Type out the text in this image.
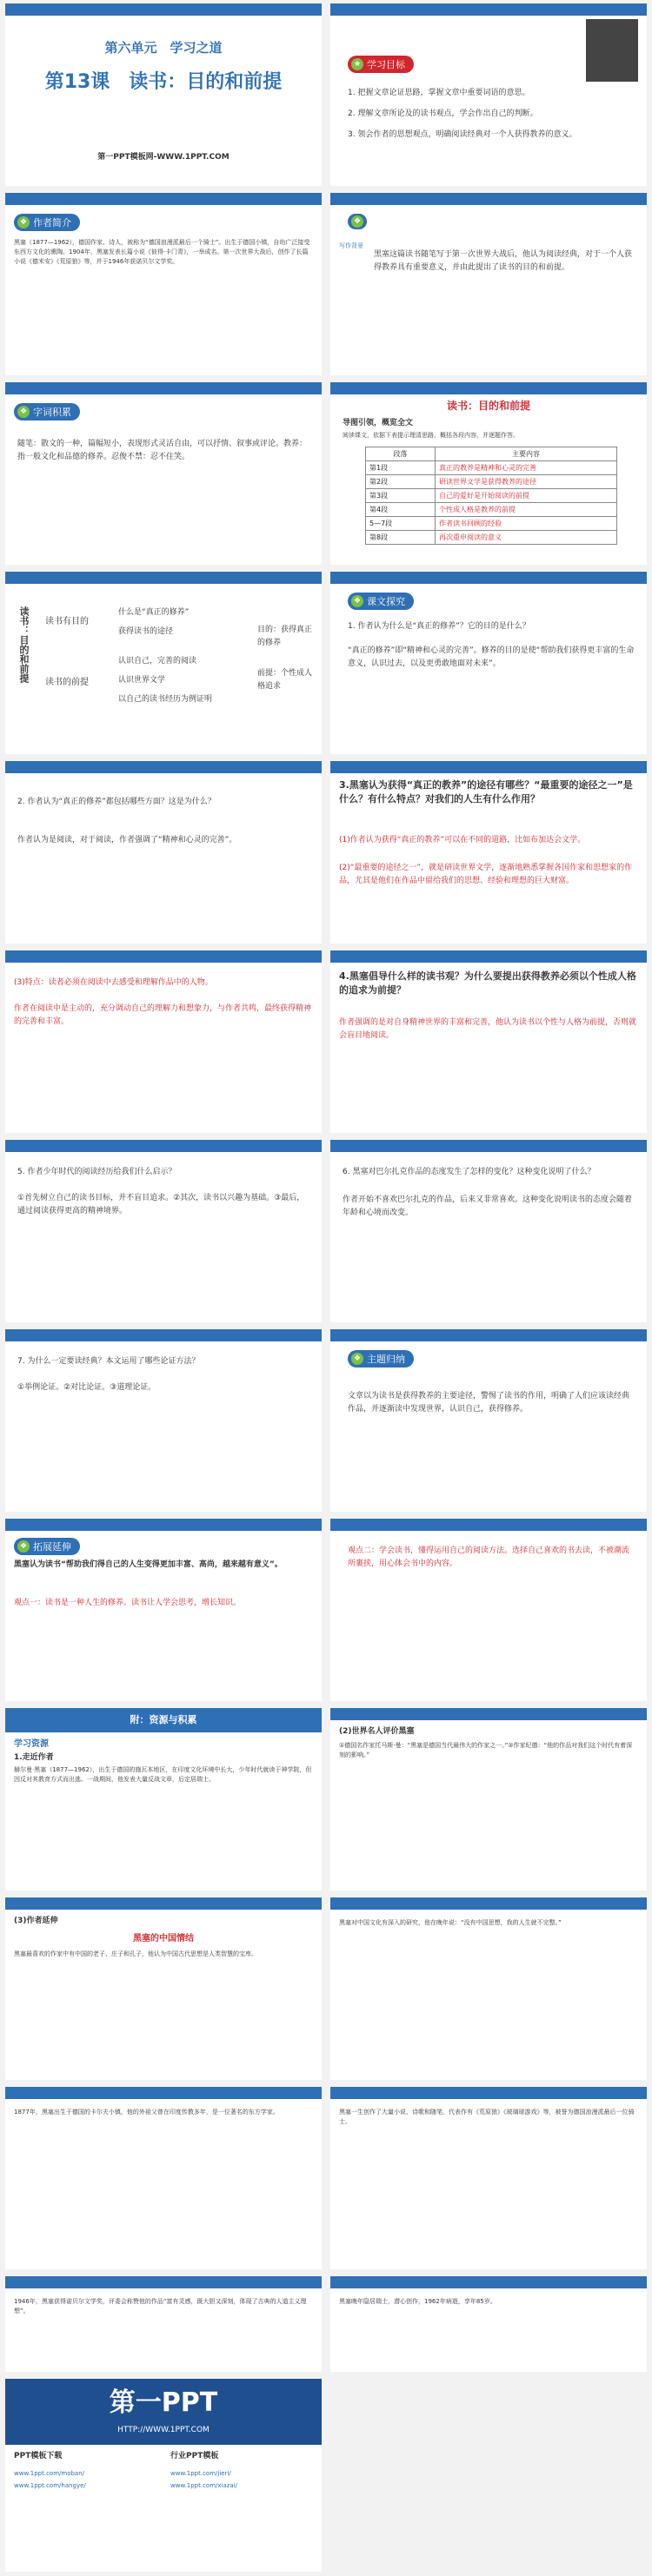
第六单元　学习之道
第13课　读书：目的和前提
第一PPT模板网-WWW.1PPT.COM
★ 学习目标
1. 把握文章论证思路，掌握文章中重要词语的意思。
2. 理解文章所论及的读书观点，学会作出自己的判断。
3. 领会作者的思想观点，明确阅读经典对一个人获得教养的意义。
❖ 作者简介
黑塞（1877—1962），德国作家、诗人，被称为“德国浪漫派最后一个骑士”。出生于德国小镇，自幼广泛接受东西方文化的熏陶。1904年，黑塞发表长篇小说《彼得·卡门青》，一举成名。第一次世界大战后，创作了长篇小说《德米安》《荒原狼》等，并于1946年获诺贝尔文学奖。
❖
写作背景
黑塞这篇读书随笔写于第一次世界大战后，他认为阅读经典，对于一个人获得教养具有重要意义，并由此提出了读书的目的和前提。
❖ 字词积累
随笔：散文的一种，篇幅短小，表现形式灵活自由，可以抒情、叙事或评论。教养：指一般文化和品德的修养。忍俊不禁：忍不住笑。
读书：目的和前提
导图引领，概览全文
阅读课文，依据下表提示理清思路，概括各段内容，并逐题作答。
段落	主要内容
第1段	真正的教养是精神和心灵的完善
第2段	研读世界文学是获得教养的途径
第3段	自己的爱好是开始阅读的前提
第4段	个性成人格是教养的前提
5—7段	作者读书回顾的经验
第8段	再次重申阅读的意义
读书：目的和前提 读书有目的
读书的前提
什么是“真正的修养”
获得读书的途径
认识自己，完善的阅读
认识世界文学
以自己的读书经历为例证明
目的：获得真正的修养
前提：个性成人格追求
❖ 课文探究
1. 作者认为什么是“真正的修养”？它的目的是什么？
“真正的修养”即“精神和心灵的完善”。修养的目的是使“帮助我们获得更丰富的生命意义，认识过去，以及更勇敢地面对未来”。
2. 作者认为“真正的修养”都包括哪些方面？这是为什么？
作者认为是阅读，对于阅读，作者强调了“精神和心灵的完善”。
3.黑塞认为获得“真正的教养”的途径有哪些？“最重要的途径之一”是什么？有什么特点？对我们的人生有什么作用？
(1)作者认为获得“真正的教养”可以在不同的道路，比如布加达会文学。
(2)“最重要的途径之一”，就是研读世界文学，逐渐地熟悉掌握各国作家和思想家的作品，尤其是他们在作品中留给我们的思想、经验和理想的巨大财富。
(3)特点：读者必须在阅读中去感受和理解作品中的人物。
作者在阅读中是主动的，充分调动自己的理解力和想象力，与作者共鸣，最终获得精神的完善和丰富。
4.黑塞倡导什么样的读书观？为什么要提出获得教养必须以个性成人格的追求为前提？
作者强调的是对自身精神世界的丰富和完善，他认为读书以个性与人格为前提，否则就会盲目地阅读。
5. 作者少年时代的阅读经历给我们什么启示？
①首先树立自己的读书目标，并不盲目追求。②其次，读书以兴趣为基础。③最后，通过阅读获得更高的精神境界。
6. 黑塞对巴尔扎克作品的态度发生了怎样的变化？这种变化说明了什么？
作者开始不喜欢巴尔扎克的作品，后来又非常喜欢。这种变化说明读书的态度会随着年龄和心境而改变。
7. 为什么一定要读经典？本文运用了哪些论证方法？
①举例论证。②对比论证。③道理论证。
❖ 主题归纳
文章以为读书是获得教养的主要途径，警惕了读书的作用，明确了人们应该读经典作品，并逐渐读中发现世界，认识自己，获得修养。
❖ 拓展延伸
黑塞认为读书“帮助我们得自己的人生变得更加丰富、高尚，越来越有意义”。
观点一：读书是一种人生的修养。读书让人学会思考，增长知识。
观点二：学会读书，懂得运用自己的阅读方法。选择自己喜欢的书去读，不被潮流所裹挟，用心体会书中的内容。
附：资源与积累
学习资源
1.走近作者
赫尔曼·黑塞（1877—1962），出生于德国的施瓦本地区，在印度文化环境中长大，少年时代就读于神学院，但因反对其教育方式而出逃。一战期间，他发表大量反战文章，后定居瑞士。
(2)世界名人评价黑塞
①德国名作家托马斯·曼：“黑塞是德国当代最伟大的作家之一。”②作家纪德：“他的作品对我们这个时代有着深刻的影响。”
(3)作者延伸
黑塞的中国情结
黑塞最喜欢的作家中有中国的老子、庄子和孔子，他认为中国古代思想是人类智慧的宝库。
黑塞对中国文化有深入的研究，他在晚年说：“没有中国思想，我的人生就不完整。”
1877年，黑塞出生于德国的卡尔夫小镇，他的外祖父曾在印度传教多年，是一位著名的东方学家。	黑塞一生创作了大量小说、诗歌和随笔，代表作有《荒原狼》《玻璃球游戏》等，被誉为德国浪漫派最后一位骑士。
1946年，黑塞获得诺贝尔文学奖，评委会称赞他的作品“富有灵感，既大胆又深刻，体现了古典的人道主义理想”。
黑塞晚年隐居瑞士，潜心创作，1962年病逝，享年85岁。
第一PPT
HTTP://WWW.1PPT.COM
PPT模板下载	行业PPT模板
www.1ppt.com/moban/
www.1ppt.com/hangye/
www.1ppt.com/jieri/
www.1ppt.com/xiazai/
